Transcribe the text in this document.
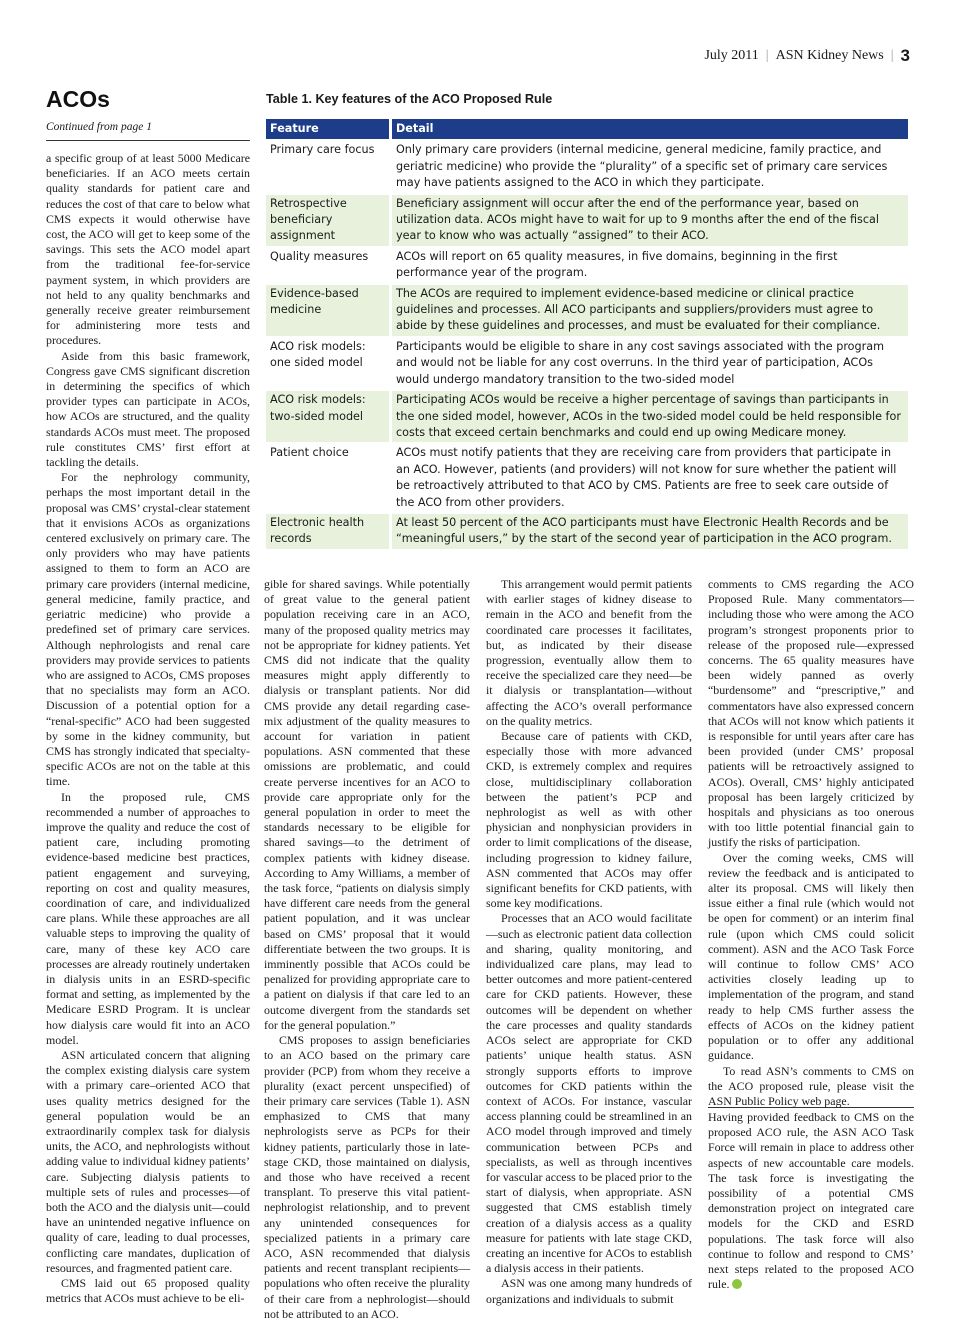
July 2011 | ASN Kidney News | 3
ACOs
Continued from page 1
Table 1. Key features of the ACO Proposed Rule
Feature	Detail
Primary care focus	Only primary care providers (internal medicine, general medicine, family practice, and geriatric medicine) who provide the “plurality” of a specific set of primary care services may have patients assigned to the ACO in which they participate.
Retrospective beneficiary assignment	Beneficiary assignment will occur after the end of the performance year, based on utilization data. ACOs might have to wait for up to 9 months after the end of the fiscal year to know who was actually “assigned” to their ACO.
Quality measures	ACOs will report on 65 quality measures, in five domains, beginning in the first performance year of the program.
Evidence-based medicine	The ACOs are required to implement evidence-based medicine or clinical practice guidelines and processes. All ACO participants and suppliers/providers must agree to abide by these guidelines and processes, and must be evaluated for their compliance.
ACO risk models: one sided model	Participants would be eligible to share in any cost savings associated with the program and would not be liable for any cost overruns. In the third year of participation, ACOs would undergo mandatory transition to the two-sided model
ACO risk models: two-sided model	Participating ACOs would be receive a higher percentage of savings than participants in the one sided model, however, ACOs in the two-sided model could be held responsible for costs that exceed certain benchmarks and could end up owing Medicare money.
Patient choice	ACOs must notify patients that they are receiving care from providers that participate in an ACO. However, patients (and providers) will not know for sure whether the patient will be retroactively attributed to that ACO by CMS. Patients are free to seek care outside of the ACO from other providers.
Electronic health records	At least 50 percent of the ACO participants must have Electronic Health Records and be “meaningful users,” by the start of the second year of participation in the ACO program.

a specific group of at least 5000 Medicare beneficiaries. If an ACO meets certain quality standards for patient care and reduces the cost of that care to below what CMS expects it would otherwise have cost, the ACO will get to keep some of the savings. This sets the ACO model apart from the traditional fee-for-service payment system, in which providers are not held to any quality benchmarks and generally receive greater reimbursement for administering more tests and procedures.

Aside from this basic framework, Congress gave CMS significant discretion in determining the specifics of which provider types can participate in ACOs, how ACOs are structured, and the quality standards ACOs must meet. The proposed rule constitutes CMS’ first effort at tackling the details.

For the nephrology community, perhaps the most important detail in the proposal was CMS’ crystal-clear statement that it envisions ACOs as organizations centered exclusively on primary care. The only providers who may have patients assigned to them to form an ACO are primary care providers (internal medicine, general medicine, family practice, and geriatric medicine) who provide a predefined set of primary care services. Although nephrologists and renal care providers may provide services to patients who are assigned to ACOs, CMS proposes that no specialists may form an ACO. Discussion of a potential option for a “renal-specific” ACO had been suggested by some in the kidney community, but CMS has strongly indicated that specialty-specific ACOs are not on the table at this time.

In the proposed rule, CMS recommended a number of approaches to improve the quality and reduce the cost of patient care, including promoting evidence-based medicine best practices, patient engagement and surveying, reporting on cost and quality measures, coordination of care, and individualized care plans. While these approaches are all valuable steps to improving the quality of care, many of these key ACO care processes are already routinely undertaken in dialysis units in an ESRD-specific format and setting, as implemented by the Medicare ESRD Program. It is unclear how dialysis care would fit into an ACO model.

ASN articulated concern that aligning the complex existing dialysis care system with a primary care–oriented ACO that uses quality metrics designed for the general population would be an extraordinarily complex task for dialysis units, the ACO, and nephrologists without adding value to individual kidney patients’ care. Subjecting dialysis patients to multiple sets of rules and processes—of both the ACO and the dialysis unit—could have an unintended negative influence on quality of care, leading to dual processes, conflicting care mandates, duplication of resources, and fragmented patient care.

CMS laid out 65 proposed quality metrics that ACOs must achieve to be eli-

gible for shared savings. While potentially of great value to the general patient population receiving care in an ACO, many of the proposed quality metrics may not be appropriate for kidney patients. Yet CMS did not indicate that the quality measures might apply differently to dialysis or transplant patients. Nor did CMS provide any detail regarding case-mix adjustment of the quality measures to account for variation in patient populations. ASN commented that these omissions are problematic, and could create perverse incentives for an ACO to provide care appropriate only for the general population in order to meet the standards necessary to be eligible for shared savings—to the detriment of complex patients with kidney disease. According to Amy Williams, a member of the task force, “patients on dialysis simply have different care needs from the general patient population, and it was unclear based on CMS’ proposal that it would differentiate between the two groups. It is imminently possible that ACOs could be penalized for providing appropriate care to a patient on dialysis if that care led to an outcome divergent from the standards set for the general population.”

CMS proposes to assign beneficiaries to an ACO based on the primary care provider (PCP) from whom they receive a plurality (exact percent unspecified) of their primary care services (Table 1). ASN emphasized to CMS that many nephrologists serve as PCPs for their kidney patients, particularly those in late-stage CKD, those maintained on dialysis, and those who have received a recent transplant. To preserve this vital patient-nephrologist relationship, and to prevent any unintended consequences for specialized patients in a primary care ACO, ASN recommended that dialysis patients and recent transplant recipients—populations who often receive the plurality of their care from a nephrologist—should not be attributed to an ACO.

This arrangement would permit patients with earlier stages of kidney disease to remain in the ACO and benefit from the coordinated care processes it facilitates, but, as indicated by their disease progression, eventually allow them to receive the specialized care they need—be it dialysis or transplantation—without affecting the ACO’s overall performance on the quality metrics.

Because care of patients with CKD, especially those with more advanced CKD, is extremely complex and requires close, multidisciplinary collaboration between the patient’s PCP and nephrologist as well as with other physician and nonphysician providers in order to limit complications of the disease, including progression to kidney failure, ASN commented that ACOs may offer significant benefits for CKD patients, with some key modifications.

Processes that an ACO would facilitate—such as electronic patient data collection and sharing, quality monitoring, and individualized care plans, may lead to better outcomes and more patient-centered care for CKD patients. However, these outcomes will be dependent on whether the care processes and quality standards ACOs select are appropriate for CKD patients’ unique health status. ASN strongly supports efforts to improve outcomes for CKD patients within the context of ACOs. For instance, vascular access planning could be streamlined in an ACO model through improved and timely communication between PCPs and specialists, as well as through incentives for vascular access to be placed prior to the start of dialysis, when appropriate. ASN suggested that CMS establish timely creation of a dialysis access as a quality measure for patients with late stage CKD, creating an incentive for ACOs to establish a dialysis access in their patients.

ASN was one among many hundreds of organizations and individuals to submit

comments to CMS regarding the ACO Proposed Rule. Many commentators—including those who were among the ACO program’s strongest proponents prior to release of the proposed rule—expressed concerns. The 65 quality measures have been widely panned as overly “burdensome” and “prescriptive,” and commentators have also expressed concern that ACOs will not know which patients it is responsible for until years after care has been provided (under CMS’ proposal patients will be retroactively assigned to ACOs). Overall, CMS’ highly anticipated proposal has been largely criticized by hospitals and physicians as too onerous with too little potential financial gain to justify the risks of participation.

Over the coming weeks, CMS will review the feedback and is anticipated to alter its proposal. CMS will likely then issue either a final rule (which would not be open for comment) or an interim final rule (upon which CMS could solicit comment). ASN and the ACO Task Force will continue to follow CMS’ ACO activities closely leading up to implementation of the program, and stand ready to help CMS further assess the effects of ACOs on the kidney patient population or to offer any additional guidance.

To read ASN’s comments to CMS on the ACO proposed rule, please visit the ASN Public Policy web page.

Having provided feedback to CMS on the proposed ACO rule, the ASN ACO Task Force will remain in place to address other aspects of new accountable care models. The task force is investigating the possibility of a potential CMS demonstration project on integrated care models for the CKD and ESRD populations. The task force will also continue to follow and respond to CMS’ next steps related to the proposed ACO rule.
